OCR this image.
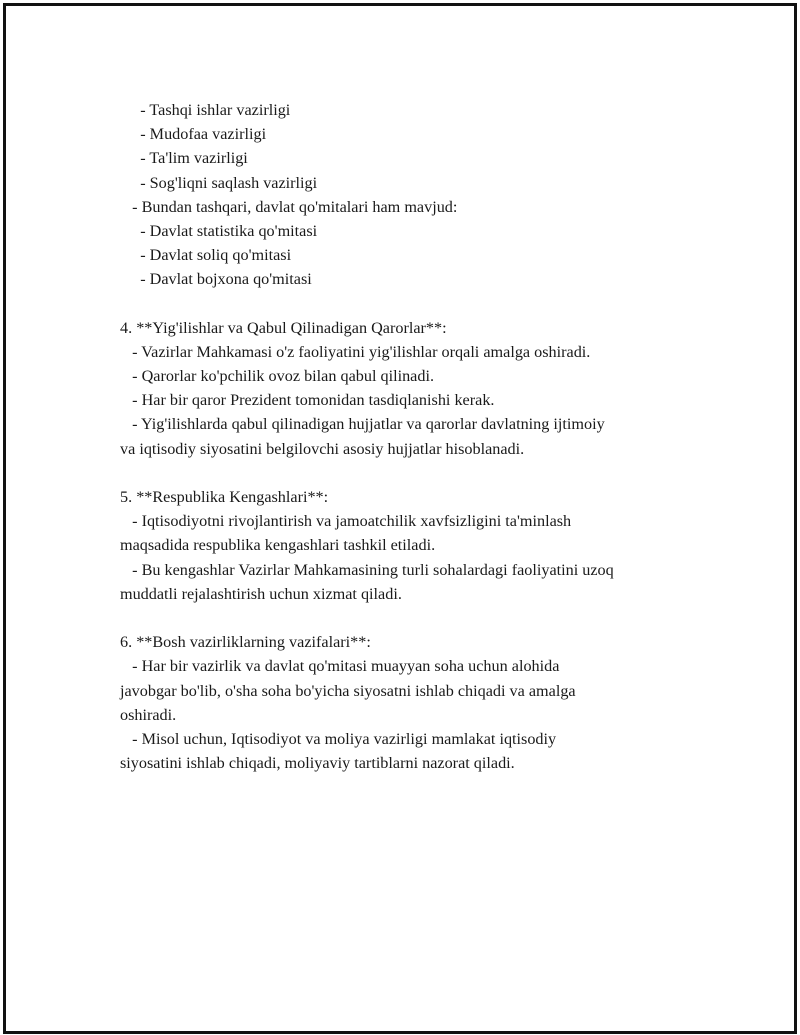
- Tashqi ishlar vazirligi
- Mudofaa vazirligi
- Ta'lim vazirligi
- Sog'liqni saqlash vazirligi
- Bundan tashqari, davlat qo'mitalari ham mavjud:
- Davlat statistika qo'mitasi
- Davlat soliq qo'mitasi
- Davlat bojxona qo'mitasi
4. **Yig'ilishlar va Qabul Qilinadigan Qarorlar**:
- Vazirlar Mahkamasi o'z faoliyatini yig'ilishlar orqali amalga oshiradi.
- Qarorlar ko'pchilik ovoz bilan qabul qilinadi.
- Har bir qaror Prezident tomonidan tasdiqlanishi kerak.
- Yig'ilishlarda qabul qilinadigan hujjatlar va qarorlar davlatning ijtimoiy
va iqtisodiy siyosatini belgilovchi asosiy hujjatlar hisoblanadi.
5. **Respublika Kengashlari**:
- Iqtisodiyotni rivojlantirish va jamoatchilik xavfsizligini ta'minlash
maqsadida respublika kengashlari tashkil etiladi.
- Bu kengashlar Vazirlar Mahkamasining turli sohalardagi faoliyatini uzoq
muddatli rejalashtirish uchun xizmat qiladi.
6. **Bosh vazirliklarning vazifalari**:
- Har bir vazirlik va davlat qo'mitasi muayyan soha uchun alohida
javobgar bo'lib, o'sha soha bo'yicha siyosatni ishlab chiqadi va amalga
oshiradi.
- Misol uchun, Iqtisodiyot va moliya vazirligi mamlakat iqtisodiy
siyosatini ishlab chiqadi, moliyaviy tartiblarni nazorat qiladi.
